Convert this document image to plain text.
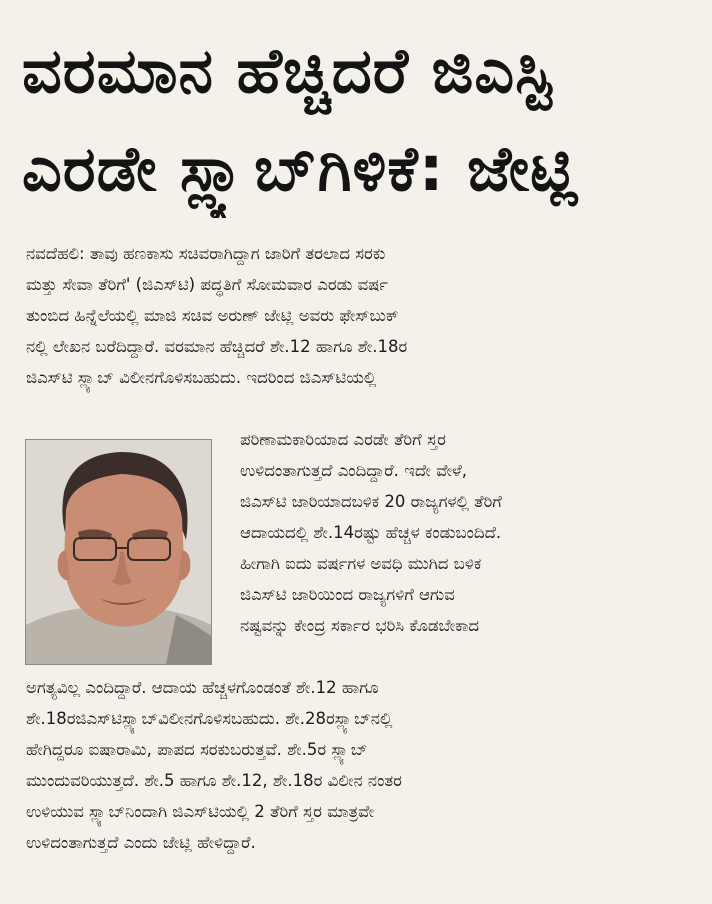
ವರಮಾನ ಹೆಚ್ಚಿದರೆ ಜಿಎಸ್ಟಿ
ಎರಡೇ ಸ್ಲ್ಯಾಬ್‌ಗಿಳಿಕೆ: ಜೇಟ್ಲಿ
ನವದೆಹಲಿ: ತಾವು ಹಣಕಾಸು ಸಚಿವರಾಗಿದ್ದಾಗ ಜಾರಿಗೆ ತರಲಾದ ಸರಕು
ಮತ್ತು ಸೇವಾ ತೆರಿಗೆ' (ಜಿಎಸ್‌ಟಿ) ಪದ್ಧತಿಗೆ ಸೋಮವಾರ ಎರಡು ವರ್ಷ
ತುಂಬಿದ ಹಿನ್ನೆಲೆಯಲ್ಲಿ ಮಾಜಿ ಸಚಿವ ಅರುಣ್ ಜೇಟ್ಲಿ ಅವರು ಫೇಸ್‌ಬುಕ್
ನಲ್ಲಿ ಲೇಖನ ಬರೆದಿದ್ದಾರೆ. ವರಮಾನ ಹೆಚ್ಚಿದರೆ ಶೇ.12 ಹಾಗೂ ಶೇ.18ರ
ಜಿಎಸ್‌ಟಿ ಸ್ಲ್ಯಾಬ್ ವಿಲೀನಗೊಳಿಸಬಹುದು. ಇದರಿಂದ ಜಿಎಸ್‌ಟಿಯಲ್ಲಿ
ಪರಿಣಾಮಕಾರಿಯಾದ ಎರಡೇ ತೆರಿಗೆ ಸ್ತರ
ಉಳಿದಂತಾಗುತ್ತದೆ ಎಂದಿದ್ದಾರೆ. ಇದೇ ವೇಳೆ,
ಜಿಎಸ್‌ಟಿ ಜಾರಿಯಾದಬಳಿಕ 20 ರಾಜ್ಯಗಳಲ್ಲಿ ತೆರಿಗೆ
ಆದಾಯದಲ್ಲಿ ಶೇ.14ರಷ್ಟು ಹೆಚ್ಚಳ ಕಂಡುಬಂದಿದೆ.
ಹೀಗಾಗಿ ಐದು ವರ್ಷಗಳ ಅವಧಿ ಮುಗಿದ ಬಳಿಕ
ಜಿಎಸ್‌ಟಿ ಜಾರಿಯಿಂದ ರಾಜ್ಯಗಳಿಗೆ ಆಗುವ
ನಷ್ಟವನ್ನು ಕೇಂದ್ರ ಸರ್ಕಾರ ಭರಿಸಿ ಕೊಡಬೇಕಾದ
ಅಗತ್ಯವಿಲ್ಲ ಎಂದಿದ್ದಾರೆ. ಆದಾಯ ಹೆಚ್ಚಳಗೊಂಡಂತೆ ಶೇ.12 ಹಾಗೂ
ಶೇ.18ರಜಿಎಸ್‌ಟಿಸ್ಲ್ಯಾಬ್‌ವಿಲೀನಗೊಳಿಸಬಹುದು. ಶೇ.28ರಸ್ಲ್ಯಾಬ್‌ನಲ್ಲಿ
ಹೇಗಿದ್ದರೂ ಐಷಾರಾಮಿ, ಪಾಪದ ಸರಕುಬರುತ್ತವೆ. ಶೇ.5ರ ಸ್ಲ್ಯಾಬ್
ಮುಂದುವರಿಯುತ್ತದೆ. ಶೇ.5 ಹಾಗೂ ಶೇ.12, ಶೇ.18ರ ವಿಲೀನ ನಂತರ
ಉಳಿಯುವ ಸ್ಲ್ಯಾಬ್‌ನಿಂದಾಗಿ ಜಿಎಸ್‌ಟಿಯಲ್ಲಿ 2 ತೆರಿಗೆ ಸ್ತರ ಮಾತ್ರವೇ
ಉಳಿದಂತಾಗುತ್ತದೆ ಎಂದು ಜೇಟ್ಲಿ ಹೇಳಿದ್ದಾರೆ.
